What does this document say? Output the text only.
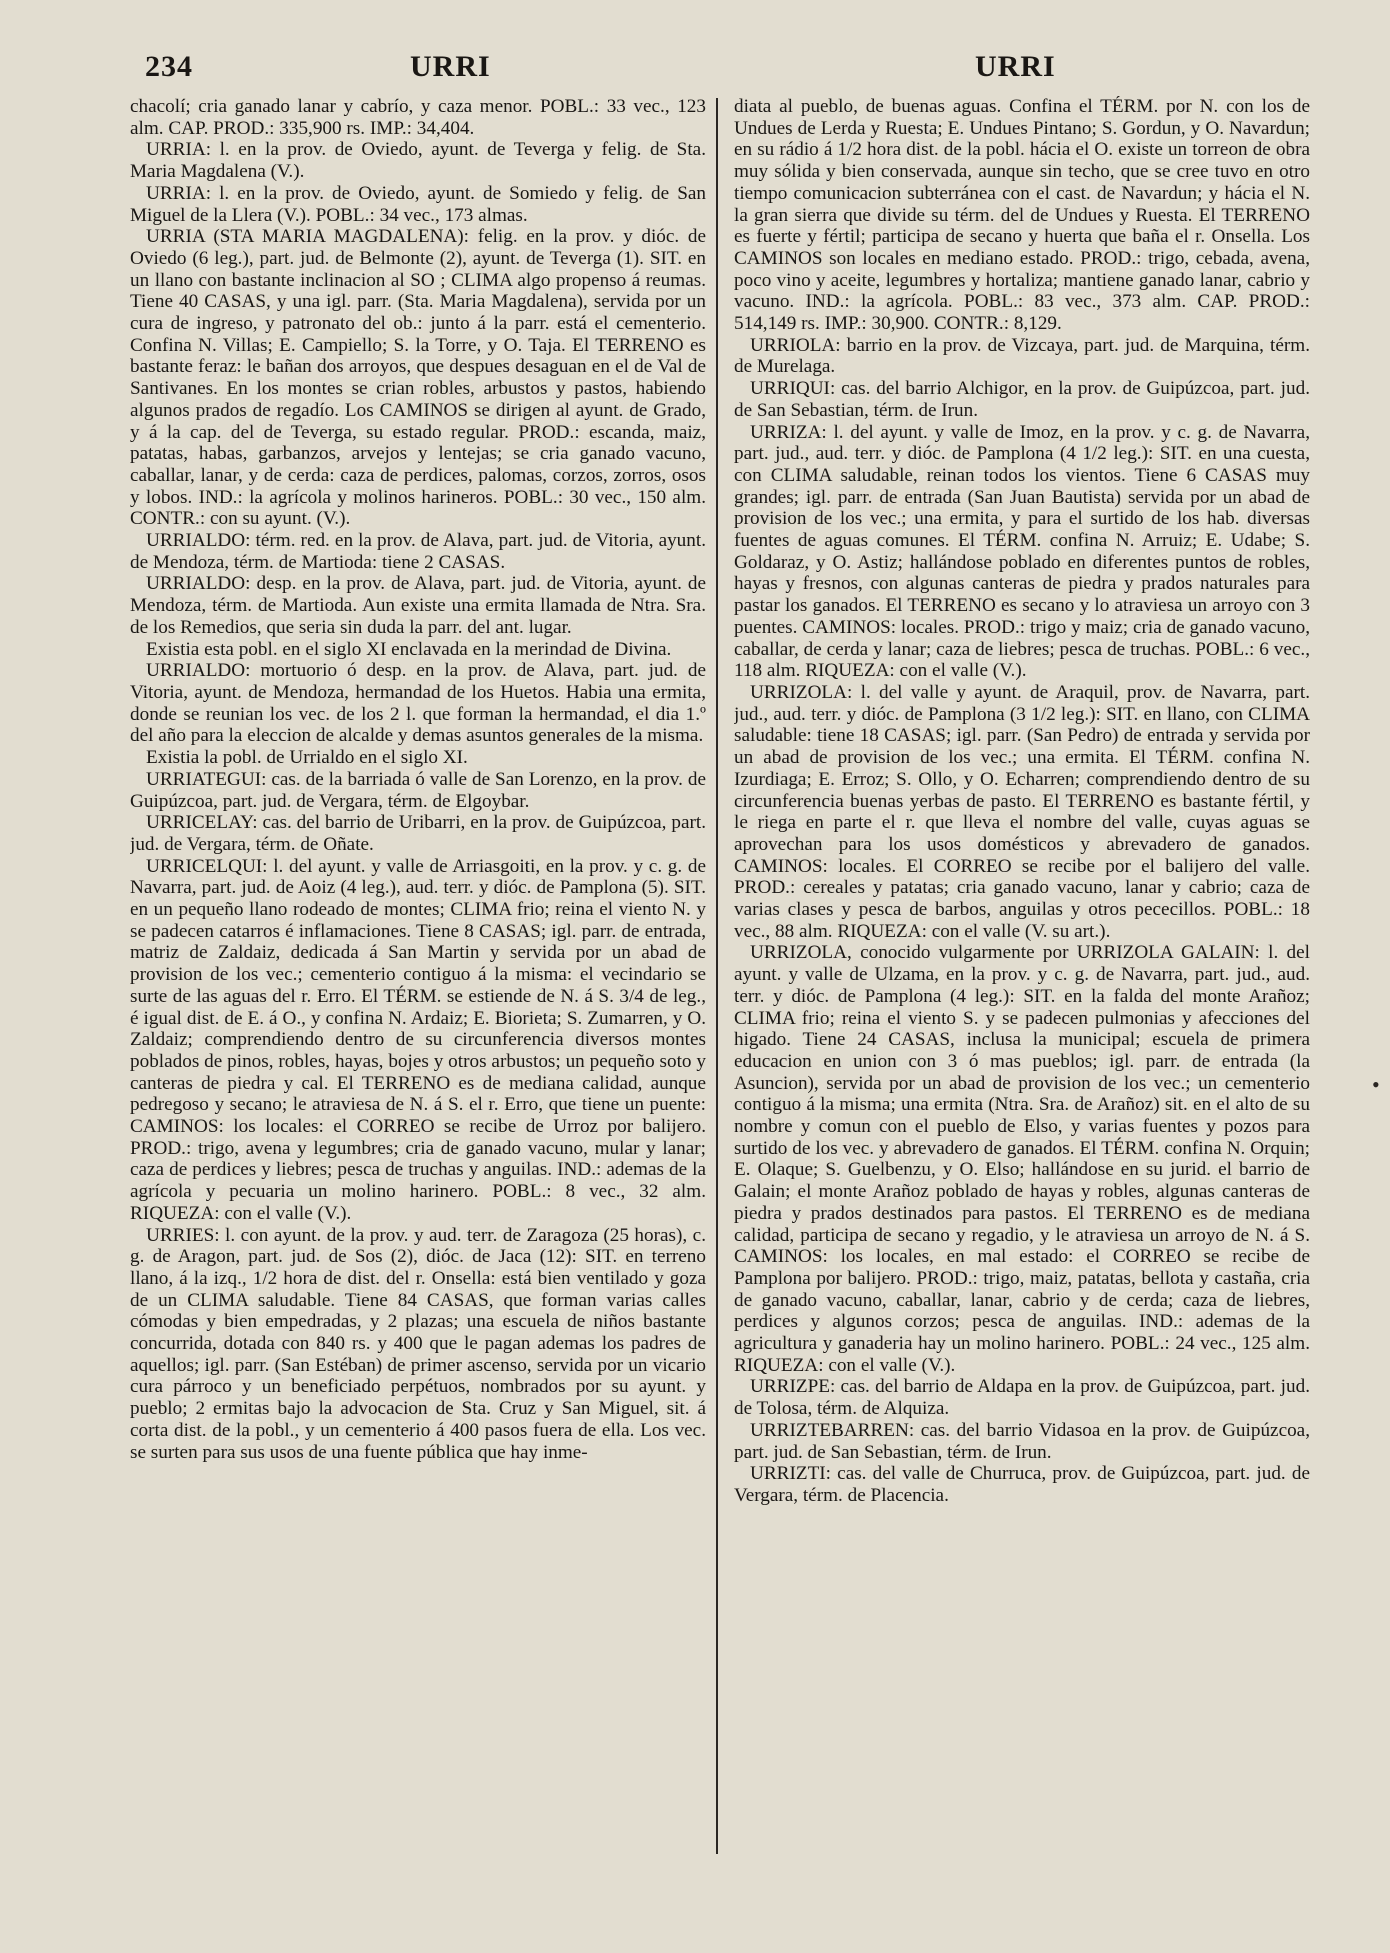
234	URRI	URRI

chacolí; cria ganado lanar y cabrío, y caza menor. POBL.: 33 vec., 123 alm. CAP. PROD.: 335,900 rs. IMP.: 34,404.

URRIA: l. en la prov. de Oviedo, ayunt. de Teverga y felig. de Sta. Maria Magdalena (V.).

URRIA: l. en la prov. de Oviedo, ayunt. de Somiedo y felig. de San Miguel de la Llera (V.). POBL.: 34 vec., 173 almas.

URRIA (STA MARIA MAGDALENA): felig. en la prov. y dióc. de Oviedo (6 leg.), part. jud. de Belmonte (2), ayunt. de Teverga (1). SIT. en un llano con bastante inclinacion al SO ; CLIMA algo propenso á reumas. Tiene 40 CASAS, y una igl. parr. (Sta. Maria Magdalena), servida por un cura de ingreso, y patronato del ob.: junto á la parr. está el cementerio. Confina N. Villas; E. Campiello; S. la Torre, y O. Taja. El TERRENO es bastante feraz: le bañan dos arroyos, que despues desaguan en el de Val de Santivanes. En los montes se crian robles, arbustos y pastos, habiendo algunos prados de regadío. Los CAMINOS se dirigen al ayunt. de Grado, y á la cap. del de Teverga, su estado regular. PROD.: escanda, maiz, patatas, habas, garbanzos, arvejos y lentejas; se cria ganado vacuno, caballar, lanar, y de cerda: caza de perdices, palomas, corzos, zorros, osos y lobos. IND.: la agrícola y molinos harineros. POBL.: 30 vec., 150 alm. CONTR.: con su ayunt. (V.).

URRIALDO: térm. red. en la prov. de Alava, part. jud. de Vitoria, ayunt. de Mendoza, térm. de Martioda: tiene 2 CASAS.

URRIALDO: desp. en la prov. de Alava, part. jud. de Vitoria, ayunt. de Mendoza, térm. de Martioda. Aun existe una ermita llamada de Ntra. Sra. de los Remedios, que seria sin duda la parr. del ant. lugar.

Existia esta pobl. en el siglo XI enclavada en la merindad de Divina.

URRIALDO: mortuorio ó desp. en la prov. de Alava, part. jud. de Vitoria, ayunt. de Mendoza, hermandad de los Huetos. Habia una ermita, donde se reunian los vec. de los 2 l. que forman la hermandad, el dia 1.º del año para la eleccion de alcalde y demas asuntos generales de la misma.

Existia la pobl. de Urrialdo en el siglo XI.

URRIATEGUI: cas. de la barriada ó valle de San Lorenzo, en la prov. de Guipúzcoa, part. jud. de Vergara, térm. de Elgoybar.

URRICELAY: cas. del barrio de Uribarri, en la prov. de Guipúzcoa, part. jud. de Vergara, térm. de Oñate.

URRICELQUI: l. del ayunt. y valle de Arriasgoiti, en la prov. y c. g. de Navarra, part. jud. de Aoiz (4 leg.), aud. terr. y dióc. de Pamplona (5). SIT. en un pequeño llano rodeado de montes; CLIMA frio; reina el viento N. y se padecen catarros é inflamaciones. Tiene 8 CASAS; igl. parr. de entrada, matriz de Zaldaiz, dedicada á San Martin y servida por un abad de provision de los vec.; cementerio contiguo á la misma: el vecindario se surte de las aguas del r. Erro. El TÉRM. se estiende de N. á S. 3/4 de leg., é igual dist. de E. á O., y confina N. Ardaiz; E. Biorieta; S. Zumarren, y O. Zaldaiz; comprendiendo dentro de su circunferencia diversos montes poblados de pinos, robles, hayas, bojes y otros arbustos; un pequeño soto y canteras de piedra y cal. El TERRENO es de mediana calidad, aunque pedregoso y secano; le atraviesa de N. á S. el r. Erro, que tiene un puente: CAMINOS: los locales: el CORREO se recibe de Urroz por balijero. PROD.: trigo, avena y legumbres; cria de ganado vacuno, mular y lanar; caza de perdices y liebres; pesca de truchas y anguilas. IND.: ademas de la agrícola y pecuaria un molino harinero. POBL.: 8 vec., 32 alm. RIQUEZA: con el valle (V.).

URRIES: l. con ayunt. de la prov. y aud. terr. de Zaragoza (25 horas), c. g. de Aragon, part. jud. de Sos (2), dióc. de Jaca (12): SIT. en terreno llano, á la izq., 1/2 hora de dist. del r. Onsella: está bien ventilado y goza de un CLIMA saludable. Tiene 84 CASAS, que forman varias calles cómodas y bien empedradas, y 2 plazas; una escuela de niños bastante concurrida, dotada con 840 rs. y 400 que le pagan ademas los padres de aquellos; igl. parr. (San Estéban) de primer ascenso, servida por un vicario cura párroco y un beneficiado perpétuos, nombrados por su ayunt. y pueblo; 2 ermitas bajo la advocacion de Sta. Cruz y San Miguel, sit. á corta dist. de la pobl., y un cementerio á 400 pasos fuera de ella. Los vec. se surten para sus usos de una fuente pública que hay inme-

diata al pueblo, de buenas aguas. Confina el TÉRM. por N. con los de Undues de Lerda y Ruesta; E. Undues Pintano; S. Gordun, y O. Navardun; en su rádio á 1/2 hora dist. de la pobl. hácia el O. existe un torreon de obra muy sólida y bien conservada, aunque sin techo, que se cree tuvo en otro tiempo comunicacion subterránea con el cast. de Navardun; y hácia el N. la gran sierra que divide su térm. del de Undues y Ruesta. El TERRENO es fuerte y fértil; participa de secano y huerta que baña el r. Onsella. Los CAMINOS son locales en mediano estado. PROD.: trigo, cebada, avena, poco vino y aceite, legumbres y hortaliza; mantiene ganado lanar, cabrio y vacuno. IND.: la agrícola. POBL.: 83 vec., 373 alm. CAP. PROD.: 514,149 rs. IMP.: 30,900. CONTR.: 8,129.

URRIOLA: barrio en la prov. de Vizcaya, part. jud. de Marquina, térm. de Murelaga.

URRIQUI: cas. del barrio Alchigor, en la prov. de Guipúzcoa, part. jud. de San Sebastian, térm. de Irun.

URRIZA: l. del ayunt. y valle de Imoz, en la prov. y c. g. de Navarra, part. jud., aud. terr. y dióc. de Pamplona (4 1/2 leg.): SIT. en una cuesta, con CLIMA saludable, reinan todos los vientos. Tiene 6 CASAS muy grandes; igl. parr. de entrada (San Juan Bautista) servida por un abad de provision de los vec.; una ermita, y para el surtido de los hab. diversas fuentes de aguas comunes. El TÉRM. confina N. Arruiz; E. Udabe; S. Goldaraz, y O. Astiz; hallándose poblado en diferentes puntos de robles, hayas y fresnos, con algunas canteras de piedra y prados naturales para pastar los ganados. El TERRENO es secano y lo atraviesa un arroyo con 3 puentes. CAMINOS: locales. PROD.: trigo y maiz; cria de ganado vacuno, caballar, de cerda y lanar; caza de liebres; pesca de truchas. POBL.: 6 vec., 118 alm. RIQUEZA: con el valle (V.).

URRIZOLA: l. del valle y ayunt. de Araquil, prov. de Navarra, part. jud., aud. terr. y dióc. de Pamplona (3 1/2 leg.): SIT. en llano, con CLIMA saludable: tiene 18 CASAS; igl. parr. (San Pedro) de entrada y servida por un abad de provision de los vec.; una ermita. El TÉRM. confina N. Izurdiaga; E. Erroz; S. Ollo, y O. Echarren; comprendiendo dentro de su circunferencia buenas yerbas de pasto. El TERRENO es bastante fértil, y le riega en parte el r. que lleva el nombre del valle, cuyas aguas se aprovechan para los usos domésticos y abrevadero de ganados. CAMINOS: locales. El CORREO se recibe por el balijero del valle. PROD.: cereales y patatas; cria ganado vacuno, lanar y cabrio; caza de varias clases y pesca de barbos, anguilas y otros pececillos. POBL.: 18 vec., 88 alm. RIQUEZA: con el valle (V. su art.).

URRIZOLA, conocido vulgarmente por URRIZOLA GALAIN: l. del ayunt. y valle de Ulzama, en la prov. y c. g. de Navarra, part. jud., aud. terr. y dióc. de Pamplona (4 leg.): SIT. en la falda del monte Arañoz; CLIMA frio; reina el viento S. y se padecen pulmonias y afecciones del higado. Tiene 24 CASAS, inclusa la municipal; escuela de primera educacion en union con 3 ó mas pueblos; igl. parr. de entrada (la Asuncion), servida por un abad de provision de los vec.; un cementerio contiguo á la misma; una ermita (Ntra. Sra. de Arañoz) sit. en el alto de su nombre y comun con el pueblo de Elso, y varias fuentes y pozos para surtido de los vec. y abrevadero de ganados. El TÉRM. confina N. Orquin; E. Olaque; S. Guelbenzu, y O. Elso; hallándose en su jurid. el barrio de Galain; el monte Arañoz poblado de hayas y robles, algunas canteras de piedra y prados destinados para pastos. El TERRENO es de mediana calidad, participa de secano y regadio, y le atraviesa un arroyo de N. á S. CAMINOS: los locales, en mal estado: el CORREO se recibe de Pamplona por balijero. PROD.: trigo, maiz, patatas, bellota y castaña, cria de ganado vacuno, caballar, lanar, cabrio y de cerda; caza de liebres, perdices y algunos corzos; pesca de anguilas. IND.: ademas de la agricultura y ganaderia hay un molino harinero. POBL.: 24 vec., 125 alm. RIQUEZA: con el valle (V.).

URRIZPE: cas. del barrio de Aldapa en la prov. de Guipúzcoa, part. jud. de Tolosa, térm. de Alquiza.

URRIZTEBARREN: cas. del barrio Vidasoa en la prov. de Guipúzcoa, part. jud. de San Sebastian, térm. de Irun.

URRIZTI: cas. del valle de Churruca, prov. de Guipúzcoa, part. jud. de Vergara, térm. de Placencia.

•
